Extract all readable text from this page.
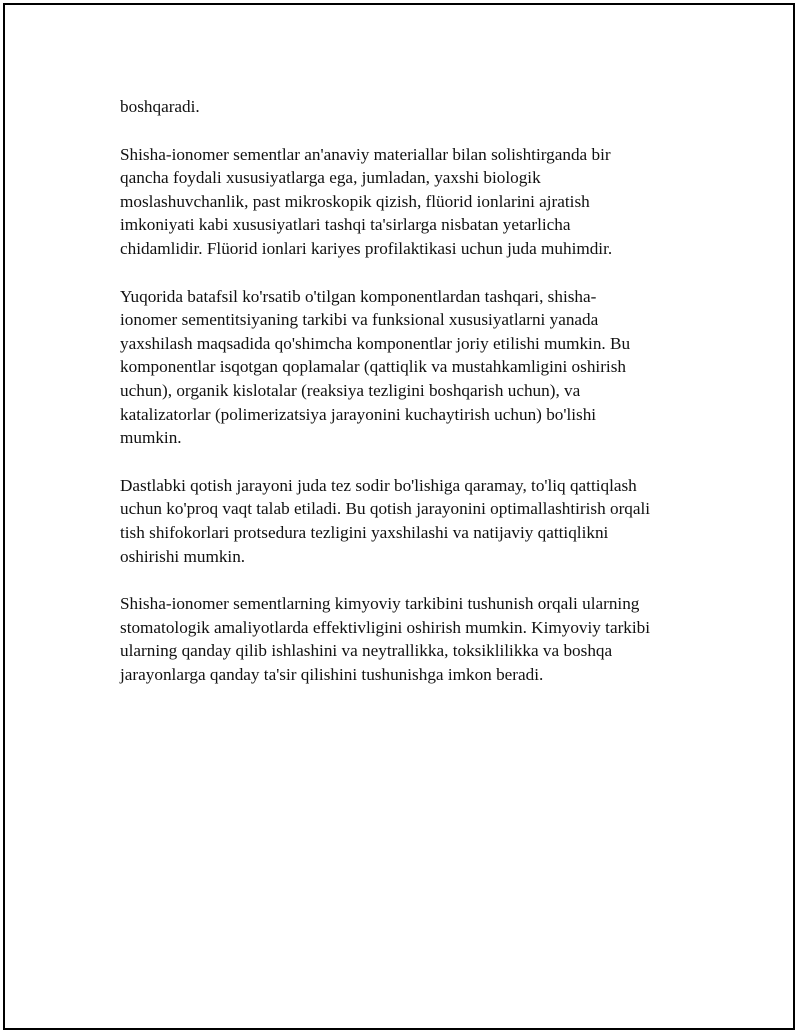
boshqaradi.

Shisha-ionomer sementlar an'anaviy materiallar bilan solishtirganda bir
qancha foydali xususiyatlarga ega, jumladan, yaxshi biologik
moslashuvchanlik, past mikroskopik qizish, flüorid ionlarini ajratish
imkoniyati kabi xususiyatlari tashqi ta'sirlarga nisbatan yetarlicha
chidamlidir. Flüorid ionlari kariyes profilaktikasi uchun juda muhimdir.

Yuqorida batafsil ko'rsatib o'tilgan komponentlardan tashqari, shisha-
ionomer sementitsiyaning tarkibi va funksional xususiyatlarni yanada
yaxshilash maqsadida qo'shimcha komponentlar joriy etilishi mumkin. Bu
komponentlar isqotgan qoplamalar (qattiqlik va mustahkamligini oshirish
uchun), organik kislotalar (reaksiya tezligini boshqarish uchun), va
katalizatorlar (polimerizatsiya jarayonini kuchaytirish uchun) bo'lishi
mumkin.

Dastlabki qotish jarayoni juda tez sodir bo'lishiga qaramay, to'liq qattiqlash
uchun ko'proq vaqt talab etiladi. Bu qotish jarayonini optimallashtirish orqali
tish shifokorlari protsedura tezligini yaxshilashi va natijaviy qattiqlikni
oshirishi mumkin.

Shisha-ionomer sementlarning kimyoviy tarkibini tushunish orqali ularning
stomatologik amaliyotlarda effektivligini oshirish mumkin. Kimyoviy tarkibi
ularning qanday qilib ishlashini va neytrallikka, toksiklilikka va boshqa
jarayonlarga qanday ta'sir qilishini tushunishga imkon beradi.
